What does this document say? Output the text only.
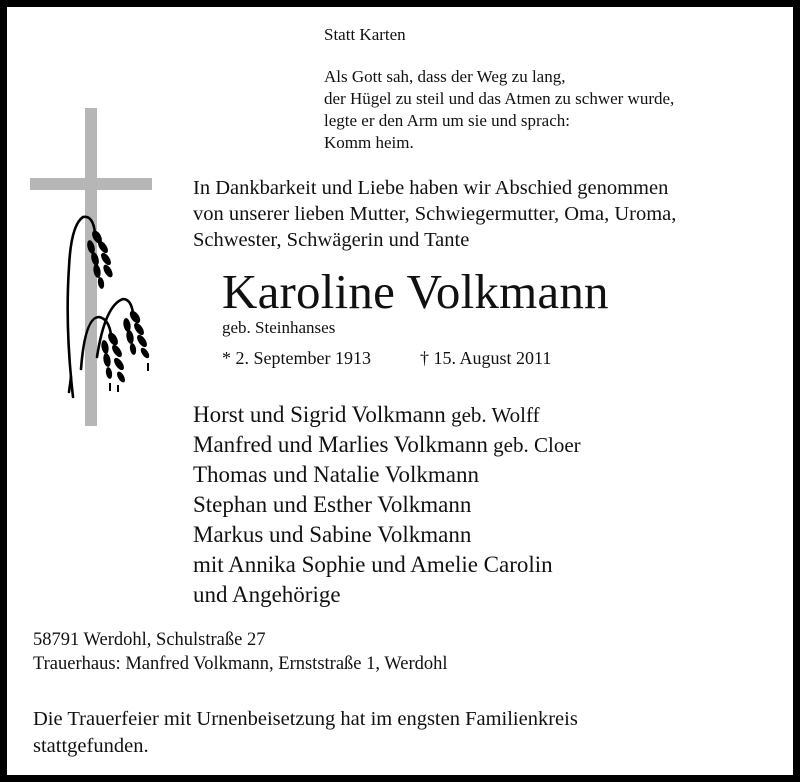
Statt Karten
Als Gott sah, dass der Weg zu lang,
der Hügel zu steil und das Atmen zu schwer wurde,
legte er den Arm um sie und sprach:
Komm heim.
In Dankbarkeit und Liebe haben wir Abschied genommen
von unserer lieben Mutter, Schwiegermutter, Oma, Uroma,
Schwester, Schwägerin und Tante
Karoline Volkmann
geb. Steinhanses
* 2. September 1913	† 15. August 2011
Horst und Sigrid Volkmann geb. Wolff
Manfred und Marlies Volkmann geb. Cloer
Thomas und Natalie Volkmann
Stephan und Esther Volkmann
Markus und Sabine Volkmann
mit Annika Sophie und Amelie Carolin
und Angehörige
58791 Werdohl, Schulstraße 27
Trauerhaus: Manfred Volkmann, Ernststraße 1, Werdohl
Die Trauerfeier mit Urnenbeisetzung hat im engsten Familienkreis
stattgefunden.
